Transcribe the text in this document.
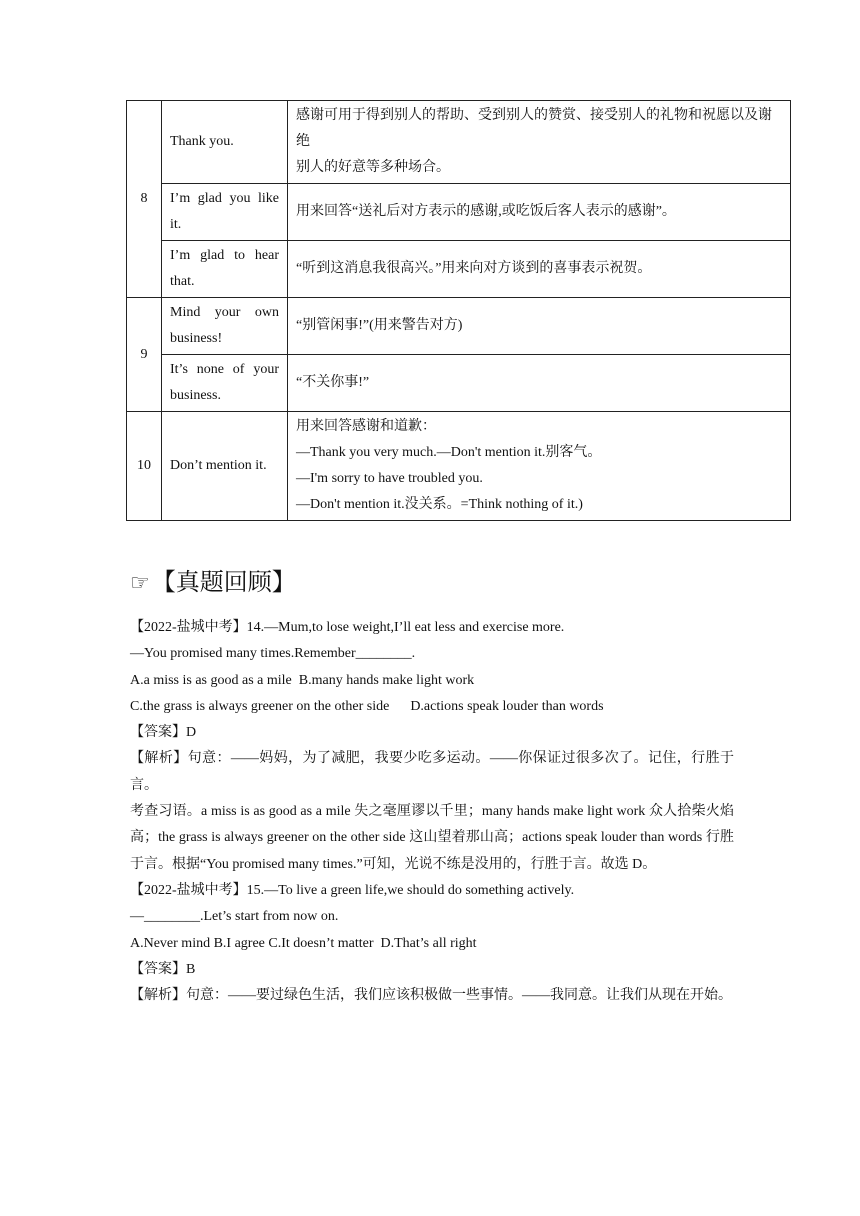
8	Thank you.	感谢可用于得到别人的帮助、受到别人的赞赏、接受别人的礼物和祝愿以及谢绝
别人的好意等多种场合。

	I’m glad you like it.	用来回答“送礼后对方表示的感谢,或吃饭后客人表示的感谢”。
	I’m glad to hear that.	“听到这消息我很高兴。”用来向对方谈到的喜事表示祝贺。
9	Mind your own business!	“别管闲事!”(用来警告对方)
	It’s none of your business.	“不关你事!”
10	Don’t mention it.	用来回答感谢和道歉：
—Thank you very much.—Don't mention it.别客气。
—I'm sorry to have troubled you.
—Don't mention it.没关系。=Think nothing of it.)
☞【真题回顾】

【2022-盐城中考】14.—Mum,to lose weight,I’ll eat less and exercise more.

—You promised many times.Remember________.

A.a miss is as good as a mile  B.many hands make light work

C.the grass is always greener on the other side      D.actions speak louder than words

【答案】D

【解析】句意：——妈妈，为了减肥，我要少吃多运动。——你保证过很多次了。记住，行胜于言。

考查习语。a miss is as good as a mile 失之毫厘谬以千里；many hands make light work 众人拾柴火焰高；the grass is always greener on the other side 这山望着那山高；actions speak louder than words 行胜于言。根据“You promised many times.”可知，光说不练是没用的，行胜于言。故选 D。

【2022-盐城中考】15.—To live a green life,we should do something actively.

—________.Let’s start from now on.

A.Never mind B.I agree C.It doesn’t matter  D.That’s all right

【答案】B

【解析】句意：——要过绿色生活，我们应该积极做一些事情。——我同意。让我们从现在开始。
